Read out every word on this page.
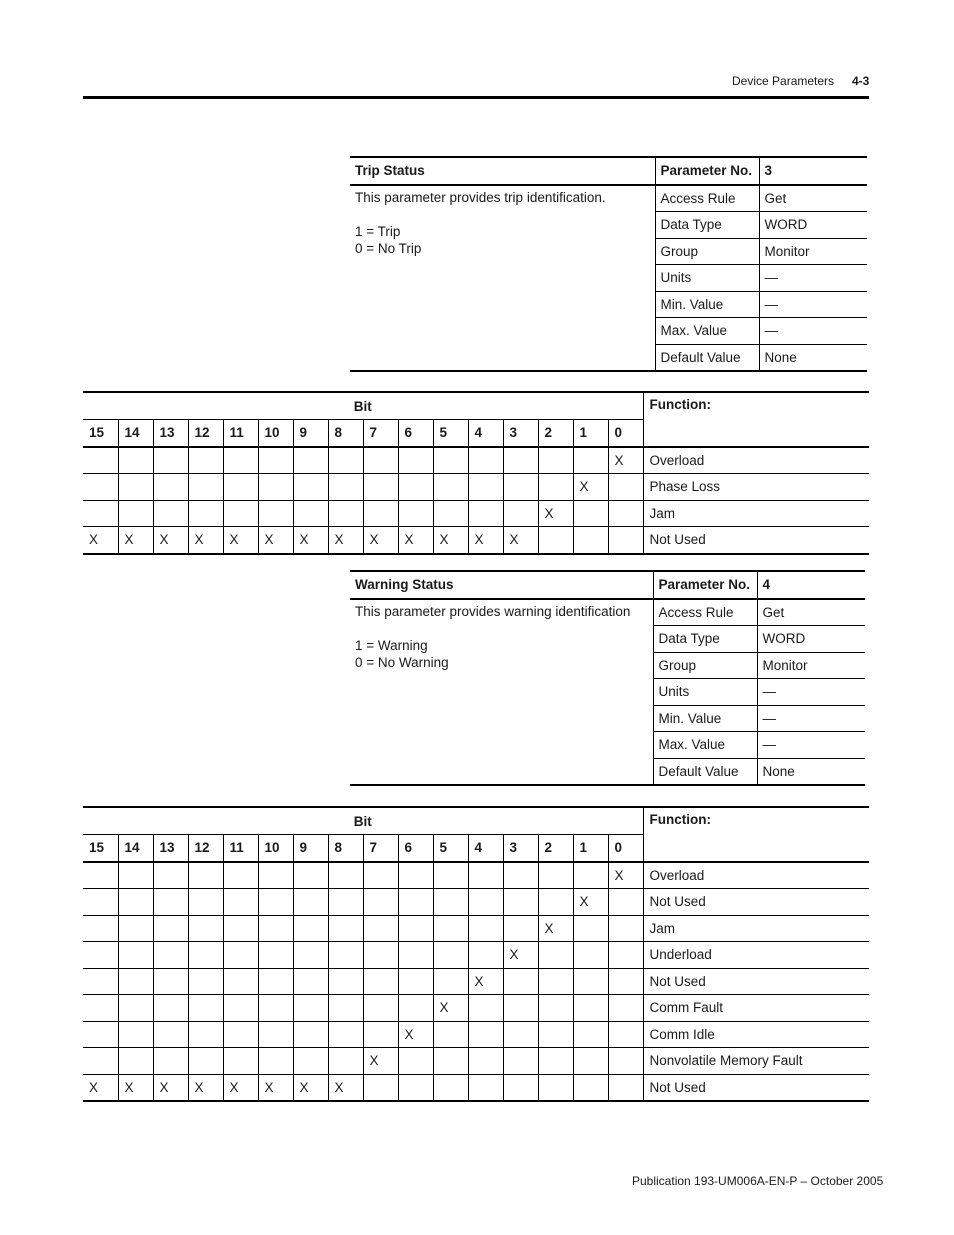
Device Parameters 4-3
Trip Status	Parameter No.	3

This parameter provides trip identification.
1 = Trip
0 = No Trip	Access Rule	Get
	Data Type	WORD
	Group	Monitor
	Units	—
	Min. Value	—
	Max. Value	—
	Default Value	None
Bit																Function:
15	14	13	12	11	10	9	8	7	6	5	4	3	2	1	0	
															X	Overload
														X		Phase Loss
													X			Jam
X	X	X	X	X	X	X	X	X	X	X	X	X				Not Used
Warning Status	Parameter No.	4

This parameter provides warning identification
1 = Warning
0 = No Warning	Access Rule	Get
	Data Type	WORD
	Group	Monitor
	Units	—
	Min. Value	—
	Max. Value	—
	Default Value	None
Bit																Function:
15	14	13	12	11	10	9	8	7	6	5	4	3	2	1	0	
															X	Overload
														X		Not Used
													X			Jam
												X				Underload
											X					Not Used
										X						Comm Fault
									X							Comm Idle
								X								Nonvolatile Memory Fault
X	X	X	X	X	X	X	X									Not Used
Publication 193-UM006A-EN-P – October 2005
